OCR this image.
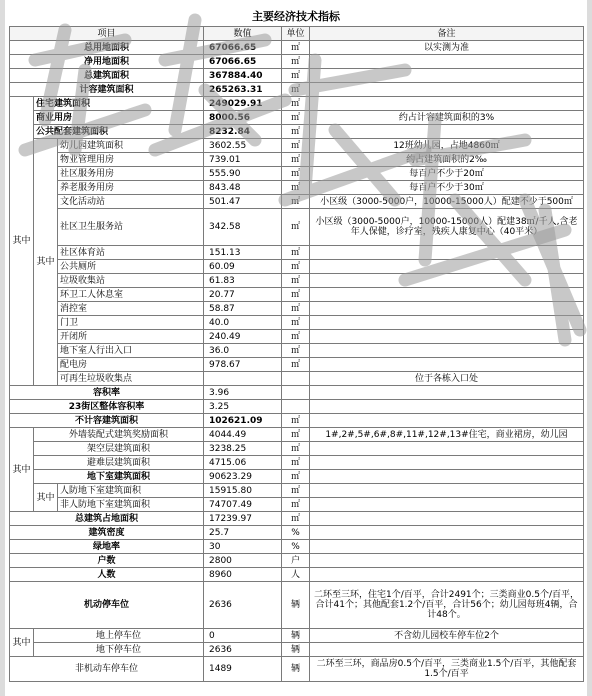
主要经济技术指标
项目			数值	单位	备注
总用地面积			67066.65	㎡	以实测为准
净用地面积			67066.65	㎡	
总建筑面积			367884.40	㎡	
计容建筑面积			265263.31	㎡	
其中	住宅建筑面积		249029.91	㎡	
	商业用房		8000.56	㎡	约占计容建筑面积的3%
	公共配套建筑面积		8232.84	㎡	
	其中	幼儿园建筑面积	3602.55	㎡	12班幼儿园，占地4860㎡
		物业管理用房	739.01	㎡	约占建筑面积的2‰
		社区服务用房	555.90	㎡	每百户不少于20㎡
		养老服务用房	843.48	㎡	每百户不少于30㎡
		文化活动站	501.47	㎡	小区级（3000-5000户，10000-15000人）配建不少于500㎡
		社区卫生服务站	342.58	㎡	小区级（3000-5000户，10000-15000人）配建38㎡/千人,含老年人保健，诊疗室，残疾人康复中心（40平米）
		社区体育站	151.13	㎡	
		公共厕所	60.09	㎡	
		垃圾收集站	61.83	㎡	
		环卫工人休息室	20.77	㎡	
		消控室	58.87	㎡	
		门卫	40.0	㎡	
		开闭所	240.49	㎡	
		地下室人行出入口	36.0	㎡	
		配电房	978.67	㎡	
		可再生垃圾收集点			位于各栋入口处
容积率			3.96		
23街区整体容积率			3.25		
不计容建筑面积			102621.09	㎡	
其中	外墙装配式建筑奖励面积		4044.49	㎡	1#,2#,5#,6#,8#,11#,12#,13#住宅，商业裙房，幼儿园
	架空层建筑面积		3238.25	㎡	
	避难层建筑面积		4715.06	㎡	
	地下室建筑面积		90623.29	㎡	
	其中	人防地下室建筑面积	15915.80	㎡	
		非人防地下室建筑面积	74707.49	㎡	
总建筑占地面积			17239.97	㎡	
建筑密度			25.7	%	
绿地率			30	%	
户数			2800	户	
人数			8960	人	
机动停车位			2636	辆	二环至三环，住宅1个/百平，合计2491个；三类商业0.5个/百平，合计41个；其他配套1.2个/百平，合计56个；幼儿园每班4辆，合计48个。
其中	地上停车位		0	辆	不含幼儿园校车停车位2个
	地下停车位		2636	辆	
非机动车停车位			1489	辆	二环至三环，商品房0.5个/百平，三类商业1.5个/百平，其他配套1.5个/百平
